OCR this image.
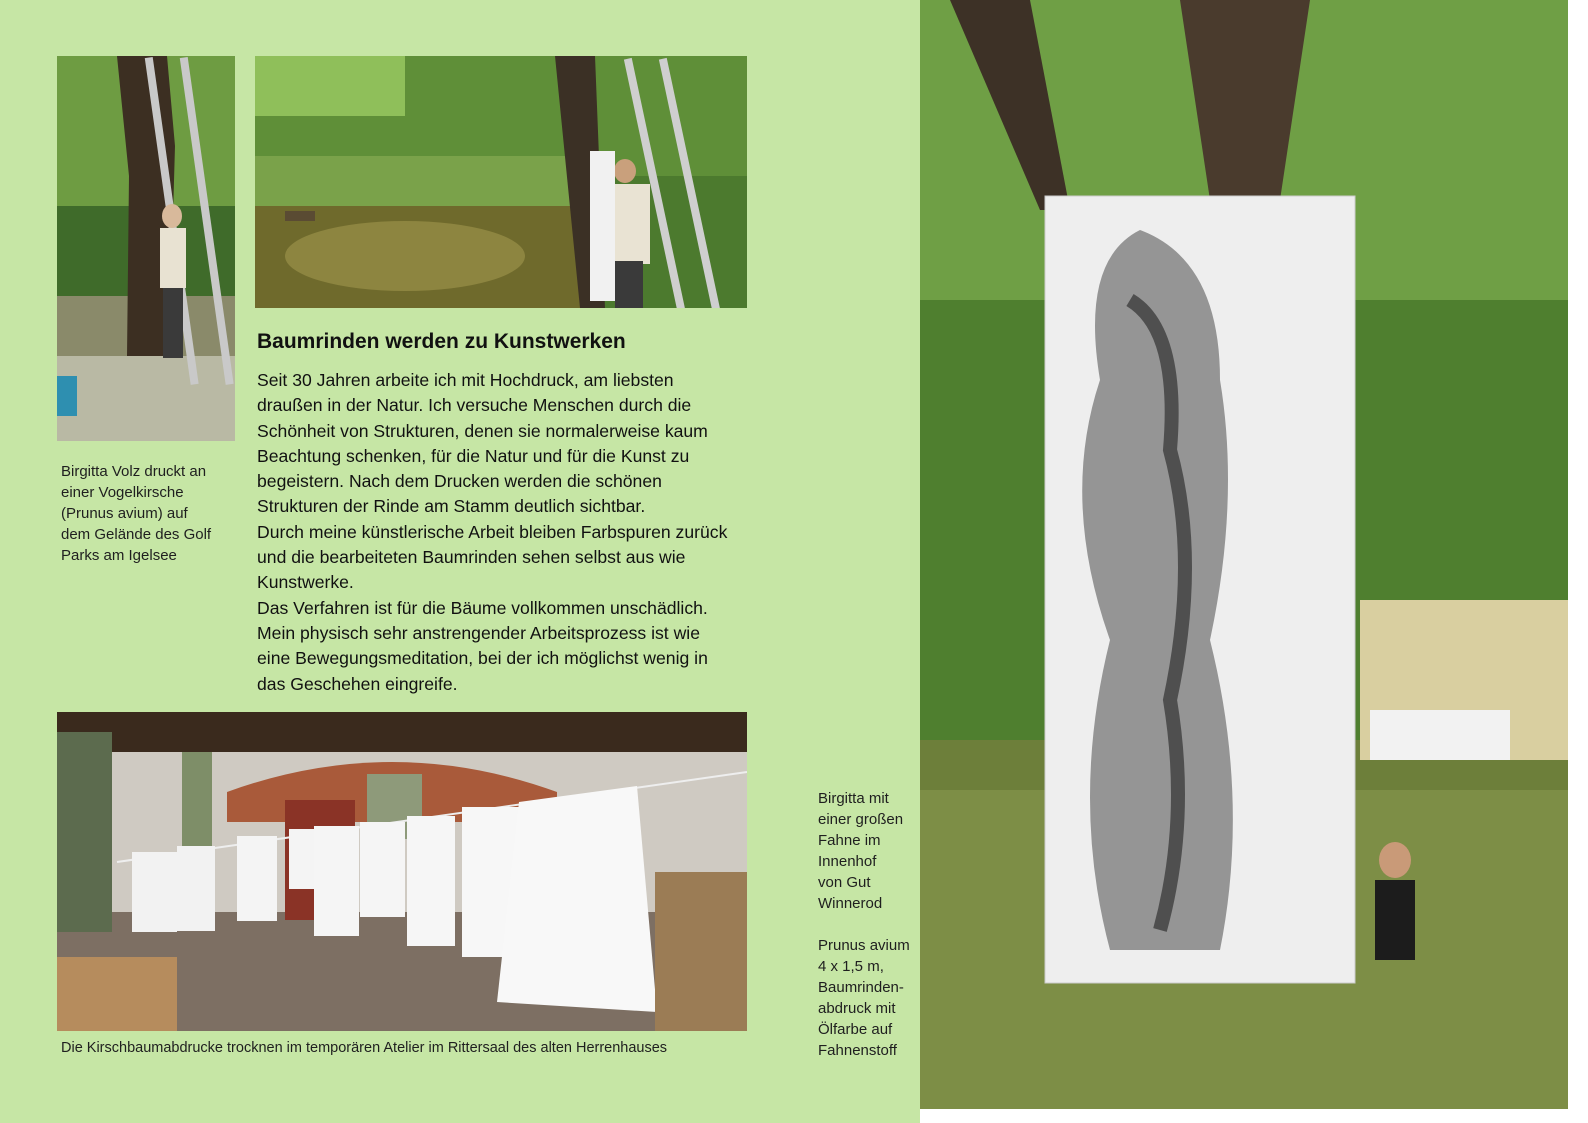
Baumrinden werden zu Kunstwerken

Seit 30 Jahren arbeite ich mit Hochdruck, am liebsten draußen in der Natur. Ich versuche Menschen durch die Schönheit von Strukturen, denen sie normalerweise kaum Beachtung schenken, für die Natur und für die Kunst zu begeistern. Nach dem Drucken werden die schönen Strukturen der Rinde am Stamm deutlich sichtbar.

Durch meine künstlerische Arbeit bleiben Farbspuren zurück und die bearbeiteten Baumrinden sehen selbst aus wie Kunstwerke.

Das Verfahren ist für die Bäume vollkommen unschädlich. Mein physisch sehr anstrengender Arbeitsprozess ist wie eine Bewegungsmeditation, bei der ich möglichst wenig in das Geschehen eingreife.

Birgitta Volz druckt an
einer Vogelkirsche
(Prunus avium) auf
dem Gelände des Golf
Parks am Igelsee
Die Kirschbaumabdrucke trocknen im temporären Atelier im Rittersaal des alten Herrenhauses
Birgitta mit
einer großen
Fahne im
Innenhof
von Gut
Winnerod

Prunus avium
4 x 1,5 m,
Baumrinden-
abdruck mit
Ölfarbe auf
Fahnenstoff
